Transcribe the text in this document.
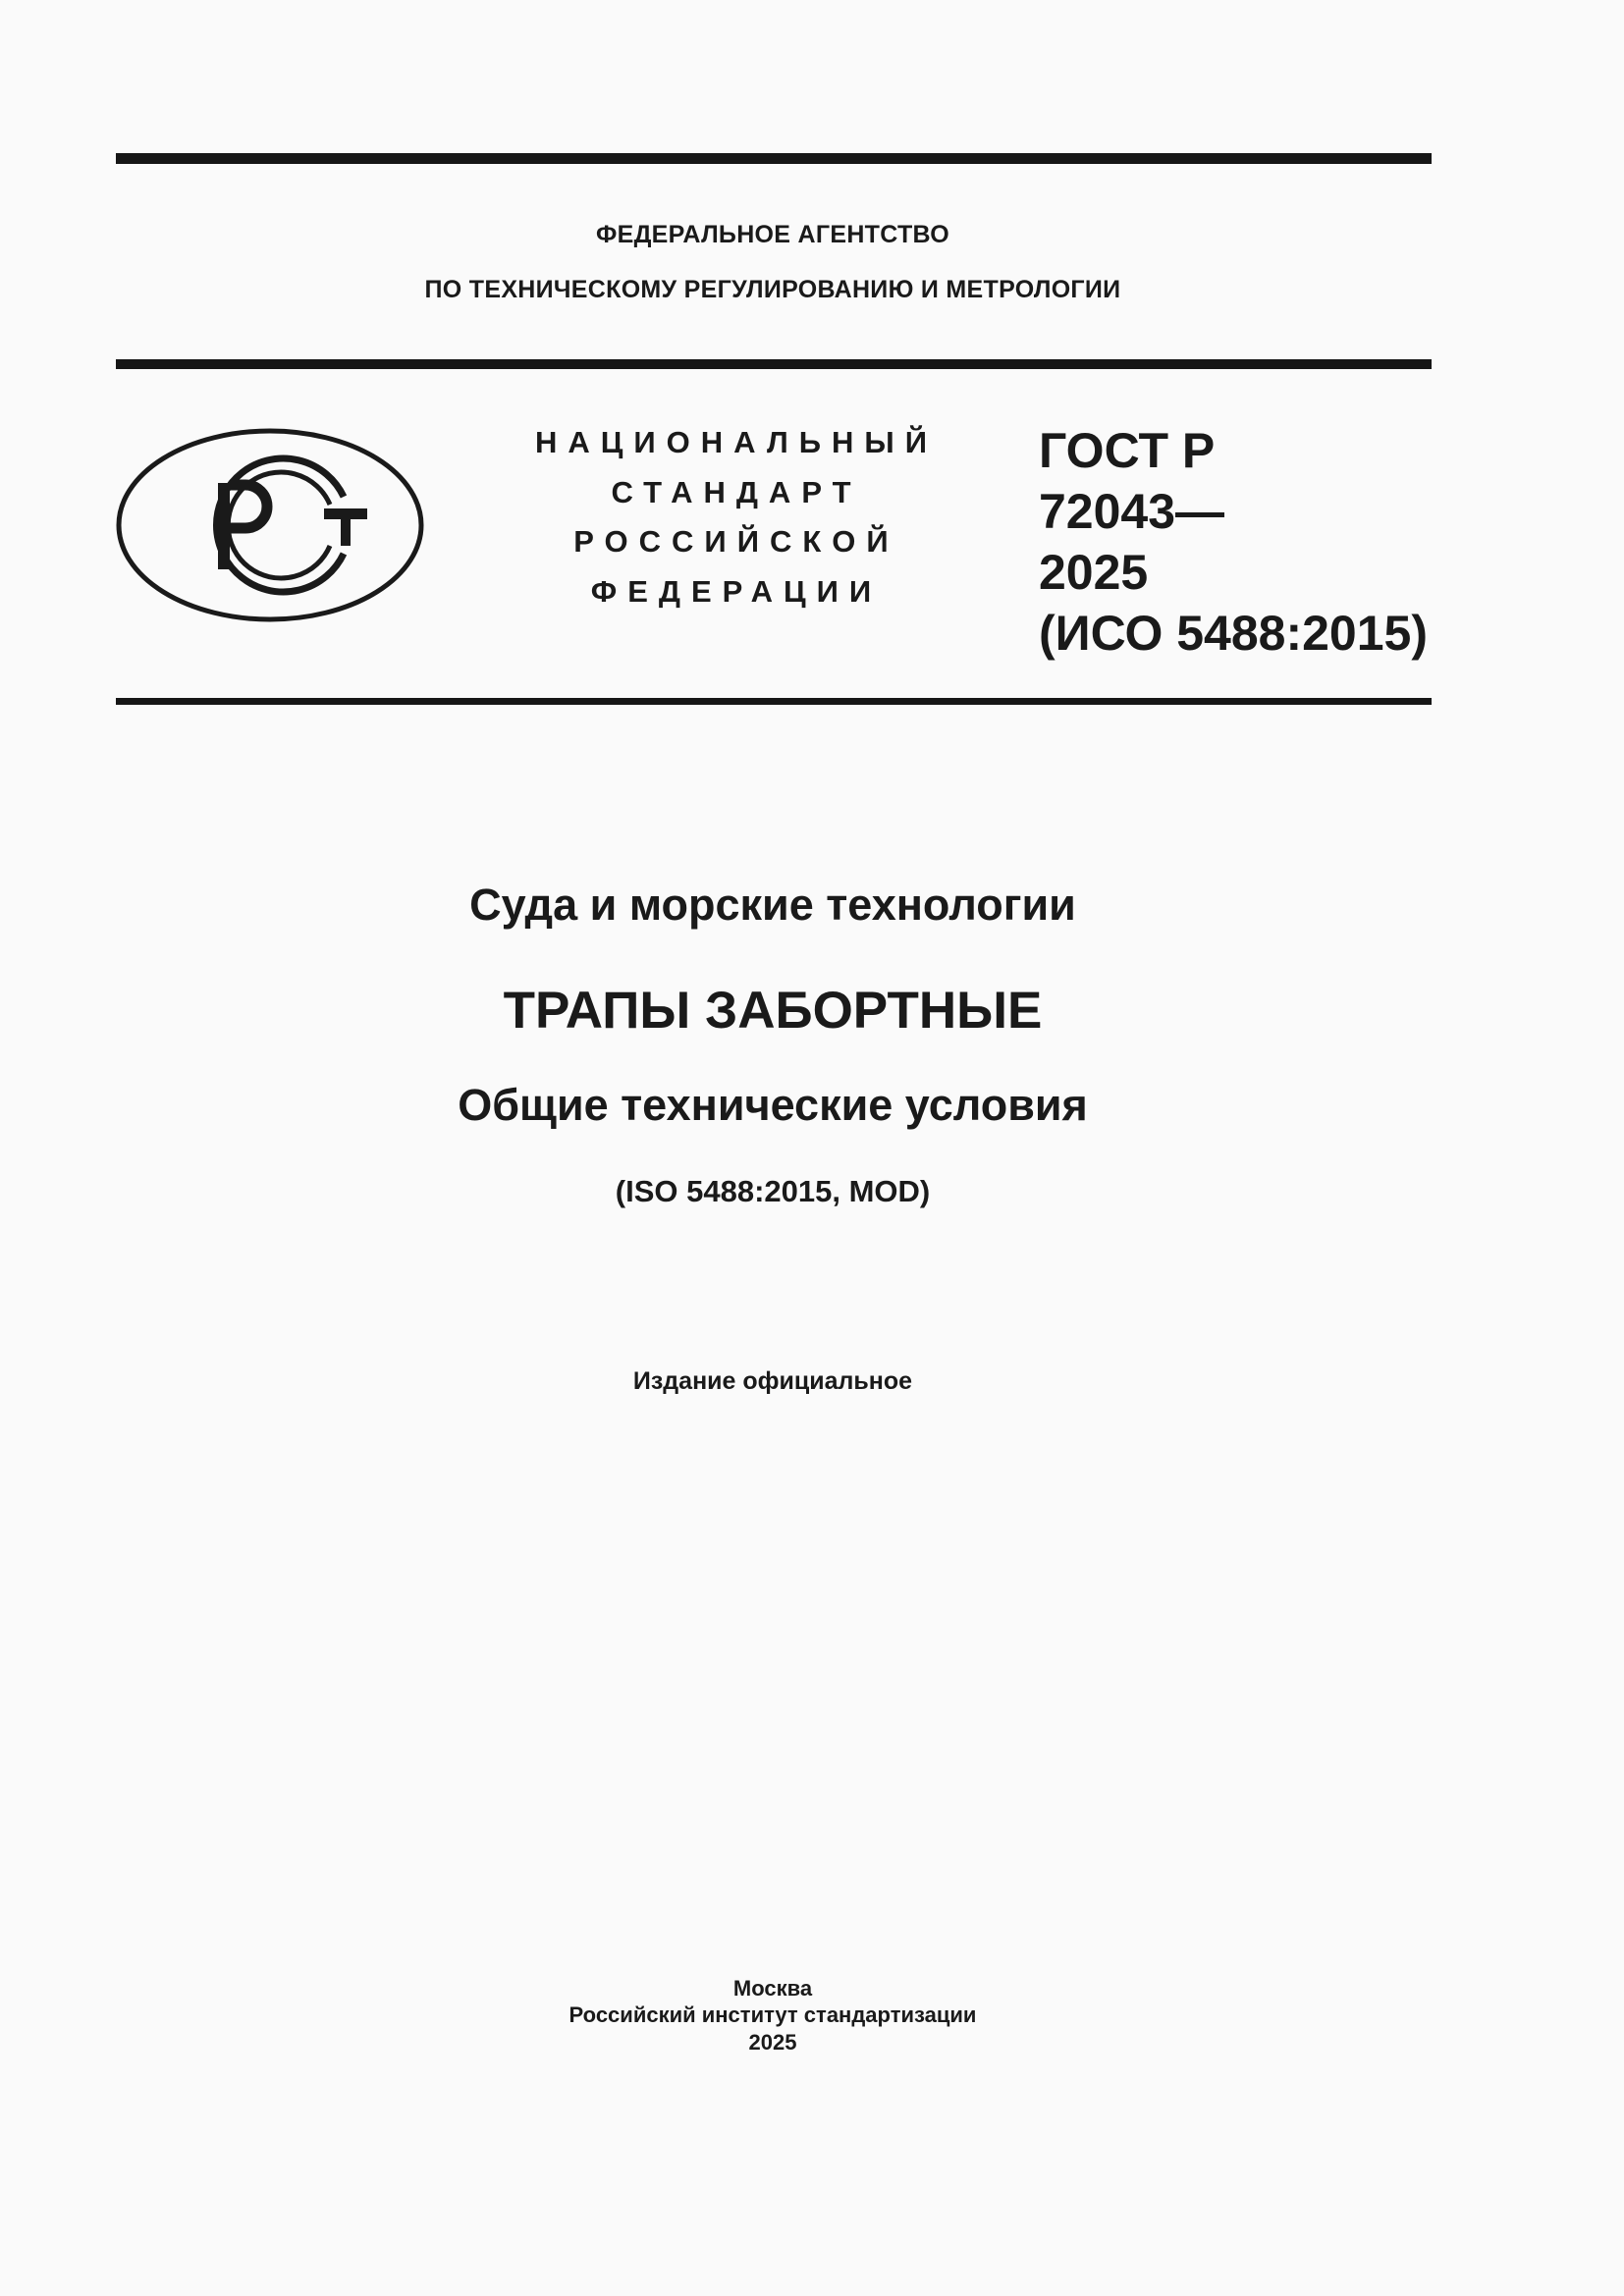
ФЕДЕРАЛЬНОЕ АГЕНТСТВО
ПО ТЕХНИЧЕСКОМУ РЕГУЛИРОВАНИЮ И МЕТРОЛОГИИ
НАЦИОНАЛЬНЫЙ
СТАНДАРТ
РОССИЙСКОЙ
ФЕДЕРАЦИИ
ГОСТ Р
72043—
2025
(ИСО 5488:2015)
Суда и морские технологии
ТРАПЫ ЗАБОРТНЫЕ
Общие технические условия
(ISO 5488:2015, MOD)
Издание официальное
Москва
Российский институт стандартизации
2025
